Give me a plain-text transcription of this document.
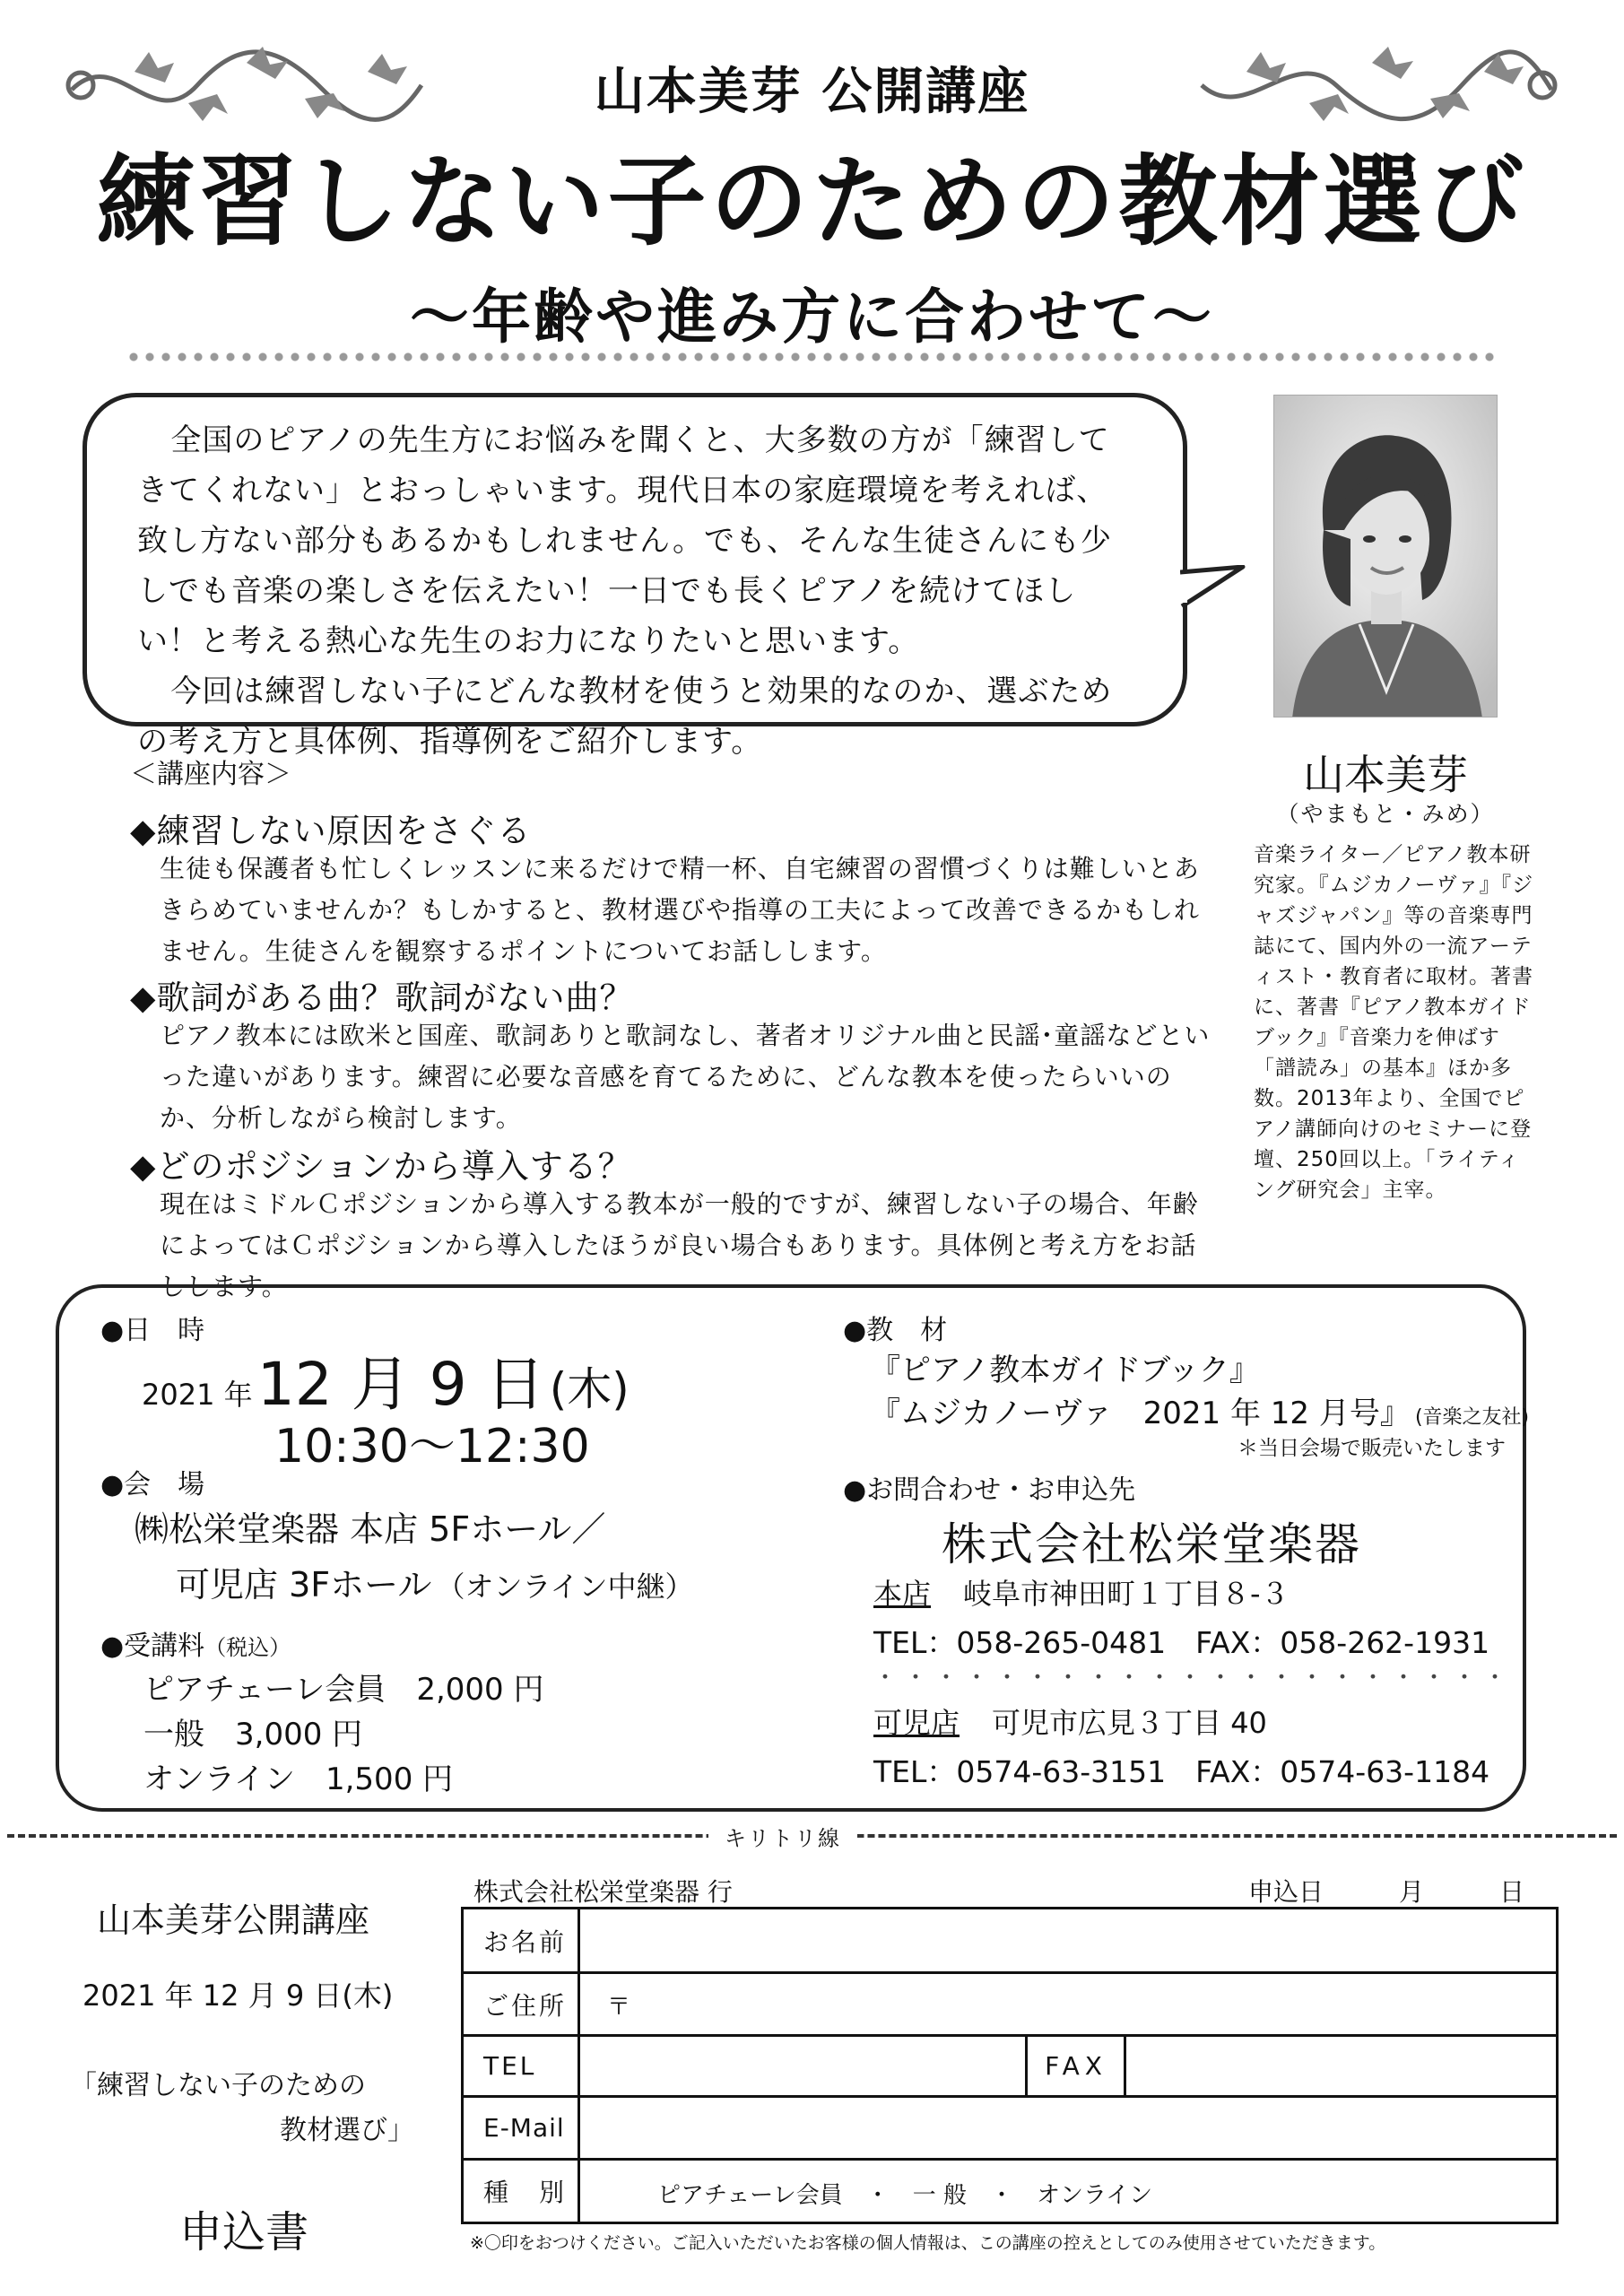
山本美芽 公開講座
練習しない子のための教材選び
〜年齢や進み方に合わせて〜

全国のピアノの先生方にお悩みを聞くと、大多数の方が「練習してきてくれない」とおっしゃいます。現代日本の家庭環境を考えれば、致し方ない部分もあるかもしれません。でも、そんな生徒さんにも少しでも音楽の楽しさを伝えたい！一日でも長くピアノを続けてほしい！と考える熱心な先生のお力になりたいと思います。

今回は練習しない子にどんな教材を使うと効果的なのか、選ぶための考え方と具体例、指導例をご紹介します。

山本美芽
（やまもと・みめ）
音楽ライター／ピアノ教本研究家。『ムジカノーヴァ』『ジャズジャパン』等の音楽専門誌にて、国内外の一流アーティスト・教育者に取材。著書に、著書『ピアノ教本ガイドブック』『音楽力を伸ばす「譜読み」の基本』ほか多数。2013年より、全国でピアノ講師向けのセミナーに登壇、250回以上。「ライティング研究会」主宰。
＜講座内容＞
◆練習しない原因をさぐる
生徒も保護者も忙しくレッスンに来るだけで精一杯、自宅練習の習慣づくりは難しいとあきらめていませんか？もしかすると、教材選びや指導の工夫によって改善できるかもしれません。生徒さんを観察するポイントについてお話しします。
◆歌詞がある曲？歌詞がない曲？
ピアノ教本には欧米と国産、歌詞ありと歌詞なし、著者オリジナル曲と民謡･童謡などといった違いがあります。練習に必要な音感を育てるために、どんな教本を使ったらいいのか、分析しながら検討します。
◆どのポジションから導入する？
現在はミドルＣポジションから導入する教本が一般的ですが、練習しない子の場合、年齢によってはＣポジションから導入したほうが良い場合もあります。具体例と考え方をお話しします。
●日　時
2021 年 12 月 9 日 (木)
10:30〜12:30
●会　場
㈱松栄堂楽器 本店 5Fホール／
可児店 3Fホール （オンライン中継）
●受講料（税込）
ピアチェーレ会員 2,000 円
一般 3,000 円
オンライン 1,500 円
●教　材
『ピアノ教本ガイドブック』
『ムジカノーヴァ　2021 年 12 月号』 (音楽之友社)
＊当日会場で販売いたします
●お問合わせ・お申込先
株式会社松栄堂楽器
本店 岐阜市神田町１丁目８-３
TEL：058-265-0481　FAX：058-262-1931
・・・・・・・・・・・・・・・・・・・・・
可児店 可児市広見３丁目 40
TEL：0574-63-3151　FAX：0574-63-1184
キリトリ線
山本美芽公開講座
2021 年 12 月 9 日(木)
「練習しない子のための
教材選び」
申込書
株式会社松栄堂楽器 行	申込日　　　月　　　日
お名前
ご住所	〒
TEL	FAX
E-Mail
種　別	ピアチェーレ会員　・　一 般　・　オンライン
※〇印をおつけください。ご記入いただいたお客様の個人情報は、この講座の控えとしてのみ使用させていただきます。
